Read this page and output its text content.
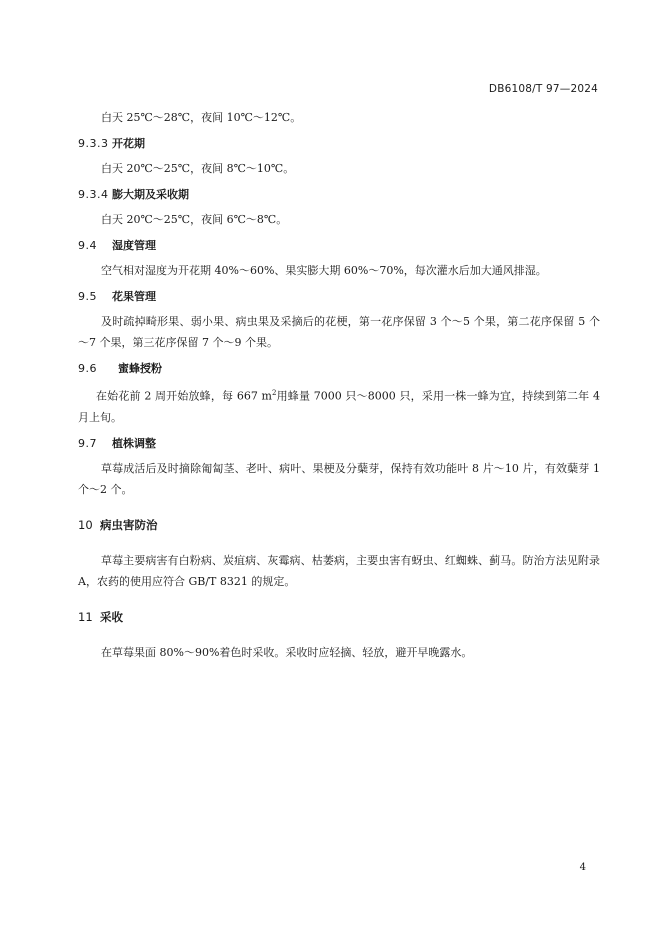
DB6108/T 97—2024

白天 25℃～28℃，夜间 10℃～12℃。

9.3.3 开花期

白天 20℃～25℃，夜间 8℃～10℃。

9.3.4 膨大期及采收期

白天 20℃～25℃，夜间 6℃～8℃。

9.4	湿度管理

空气相对湿度为开花期 40%～60%、果实膨大期 60%～70%，每次灌水后加大通风排湿。

9.5	花果管理

及时疏掉畸形果、弱小果、病虫果及采摘后的花梗，第一花序保留 3 个～5 个果，第二花序保留 5 个～7 个果，第三花序保留 7 个～9 个果。

9.6	蜜蜂授粉

在始花前 2 周开始放蜂，每 667 $m^2$用蜂量 7000 只～8000 只，采用一株一蜂为宜，持续到第二年 4 月上旬。

9.7	植株调整

草莓成活后及时摘除匍匐茎、老叶、病叶、果梗及分蘖芽，保持有效功能叶 8 片～10 片，有效蘖芽 1 个～2 个。

10 病虫害防治

草莓主要病害有白粉病、炭疽病、灰霉病、枯萎病，主要虫害有蚜虫、红蜘蛛、蓟马。防治方法见附录 A，农药的使用应符合 GB/T 8321 的规定。

11 采收

在草莓果面 80%～90%着色时采收。采收时应轻摘、轻放，避开早晚露水。

4
